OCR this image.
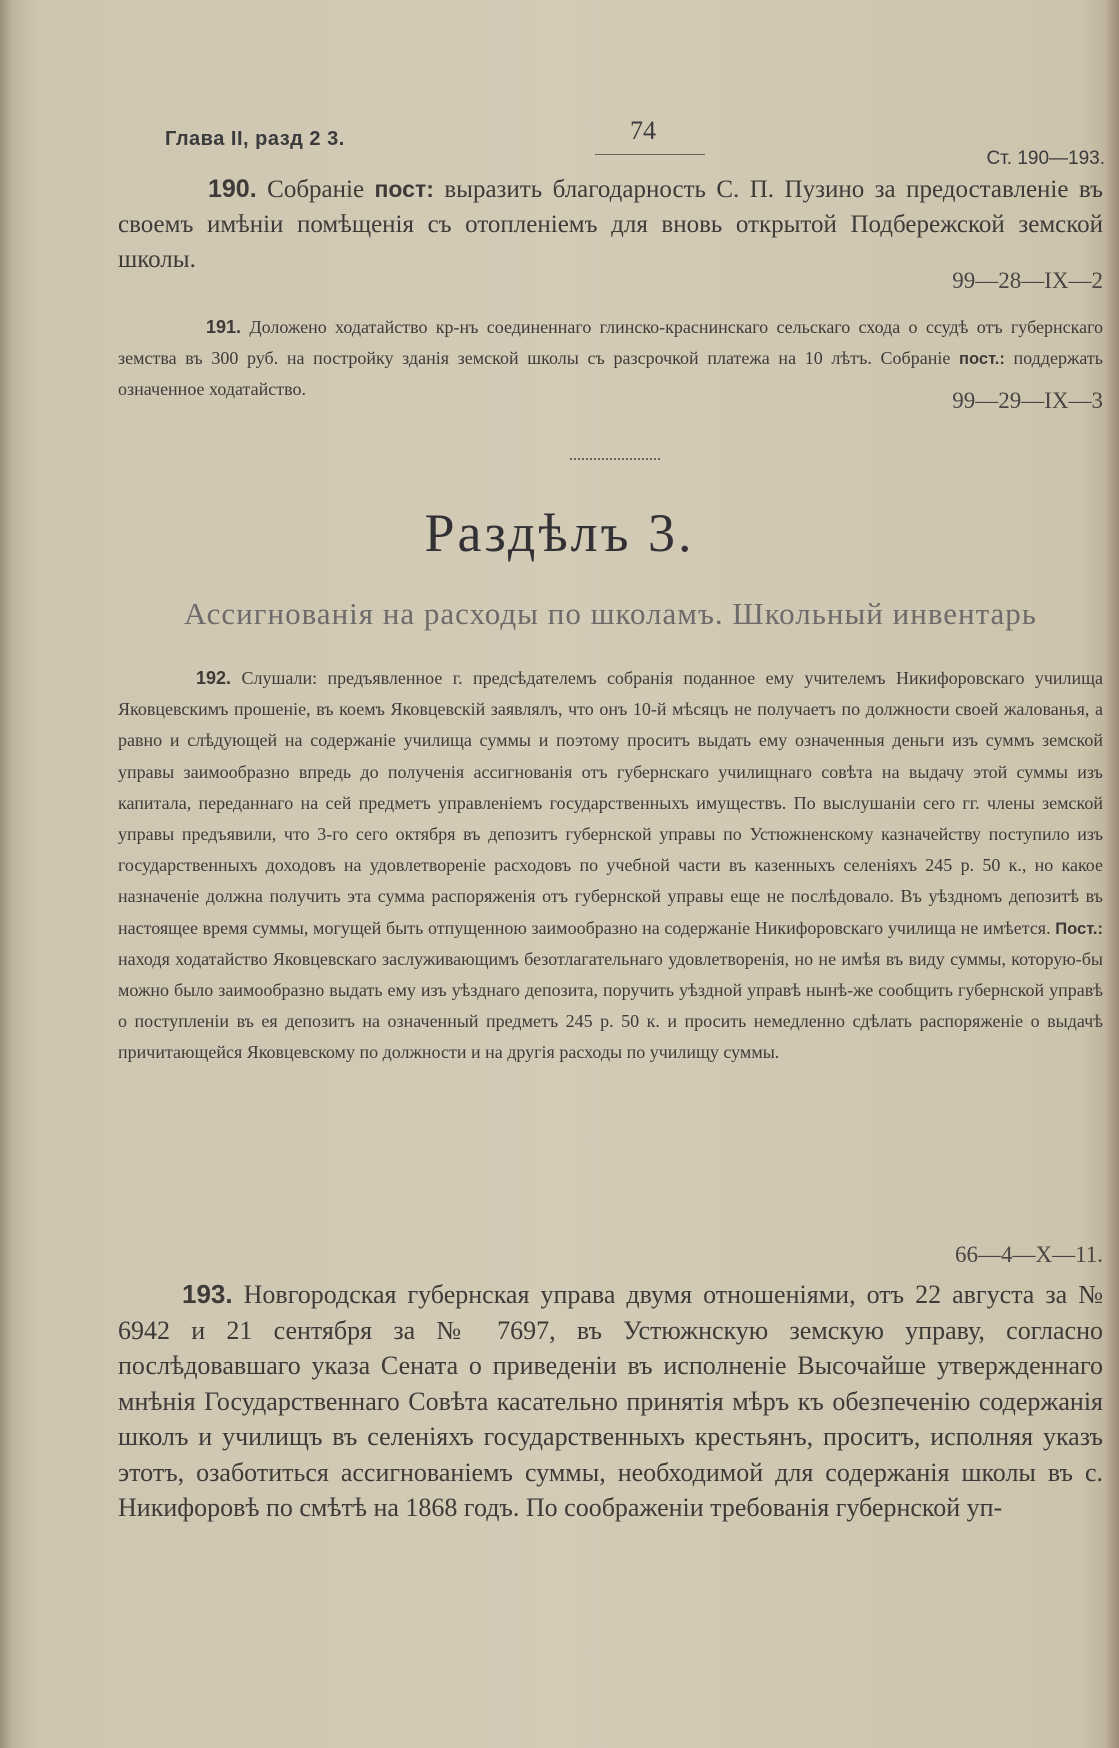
Глава II, разд 2 3.	74
Ст. 190—193.
190. Собраніе пост: выразить благодарность С. П. Пузино за предоставленіе въ своемъ имѣніи помѣщенія съ отопленіемъ для вновь открытой Подбережской земской школы.
99—28—IX—2
191. Доложено ходатайство кр-нъ соединеннаго глинско-краснинскаго сельскаго схода о ссудѣ отъ губернскаго земства въ 300 руб. на постройку зданія земской школы съ разсрочкой платежа на 10 лѣтъ. Собраніе пост.: поддержать означенное ходатайство.	99—29—IX—3
Раздѣлъ 3.
Ассигнованія на расходы по школамъ. Школьный инвентарь
192. Слушали: предъявленное г. предсѣдателемъ собранія поданное ему учителемъ Никифоровскаго училища Яковцевскимъ прошеніе, въ коемъ Яковцевскій заявлялъ, что онъ 10-й мѣсяцъ не получаетъ по должности своей жалованья, а равно и слѣдующей на содержаніе училища суммы и поэтому проситъ выдать ему означенныя деньги изъ суммъ земской управы заимообразно впредь до полученія ассигнованія отъ губернскаго училищнаго совѣта на выдачу этой суммы изъ капитала, переданнаго на сей предметъ управленіемъ государственныхъ имуществъ. По выслушаніи сего гг. члены земской управы предъявили, что 3-го сего октября въ депозитъ губернской управы по Устюжненскому казначейству поступило изъ государственныхъ доходовъ на удовлетвореніе расходовъ по учебной части въ казенныхъ селеніяхъ 245 р. 50 к., но какое назначеніе должна получить эта сумма распоряженія отъ губернской управы еще не послѣдовало. Въ уѣздномъ депозитѣ въ настоящее время суммы, могущей быть отпущенною заимообразно на содержаніе Никифоровскаго училища не имѣется. Пост.: находя ходатайство Яковцевскаго заслуживающимъ безотлагательнаго удовлетворенія, но не имѣя въ виду суммы, которую-бы можно было заимообразно выдать ему изъ уѣзднаго депозита, поручить уѣздной управѣ нынѣ-же сообщить губернской управѣ о поступленіи въ ея депозитъ на означенный предметъ 245 р. 50 к. и просить немедленно сдѣлать распоряженіе о выдачѣ причитающейся Яковцевскому по должности и на другія расходы по училищу суммы.
66—4—X—11.
193. Новгородская губернская управа двумя отношеніями, отъ 22 августа за № 6942 и 21 сентября за № 7697, въ Устюжнскую земскую управу, согласно послѣдовавшаго указа Сената о приведеніи въ исполненіе Высочайше утвержденнаго мнѣнія Государственнаго Совѣта касательно принятія мѣръ къ обезпеченію содержанія школъ и училищъ въ селеніяхъ государственныхъ крестьянъ, проситъ, исполняя указъ этотъ, озаботиться ассигнованіемъ суммы, необходимой для содержанія школы въ с. Никифоровѣ по смѣтѣ на 1868 годъ. По соображеніи требованія губернской уп-
